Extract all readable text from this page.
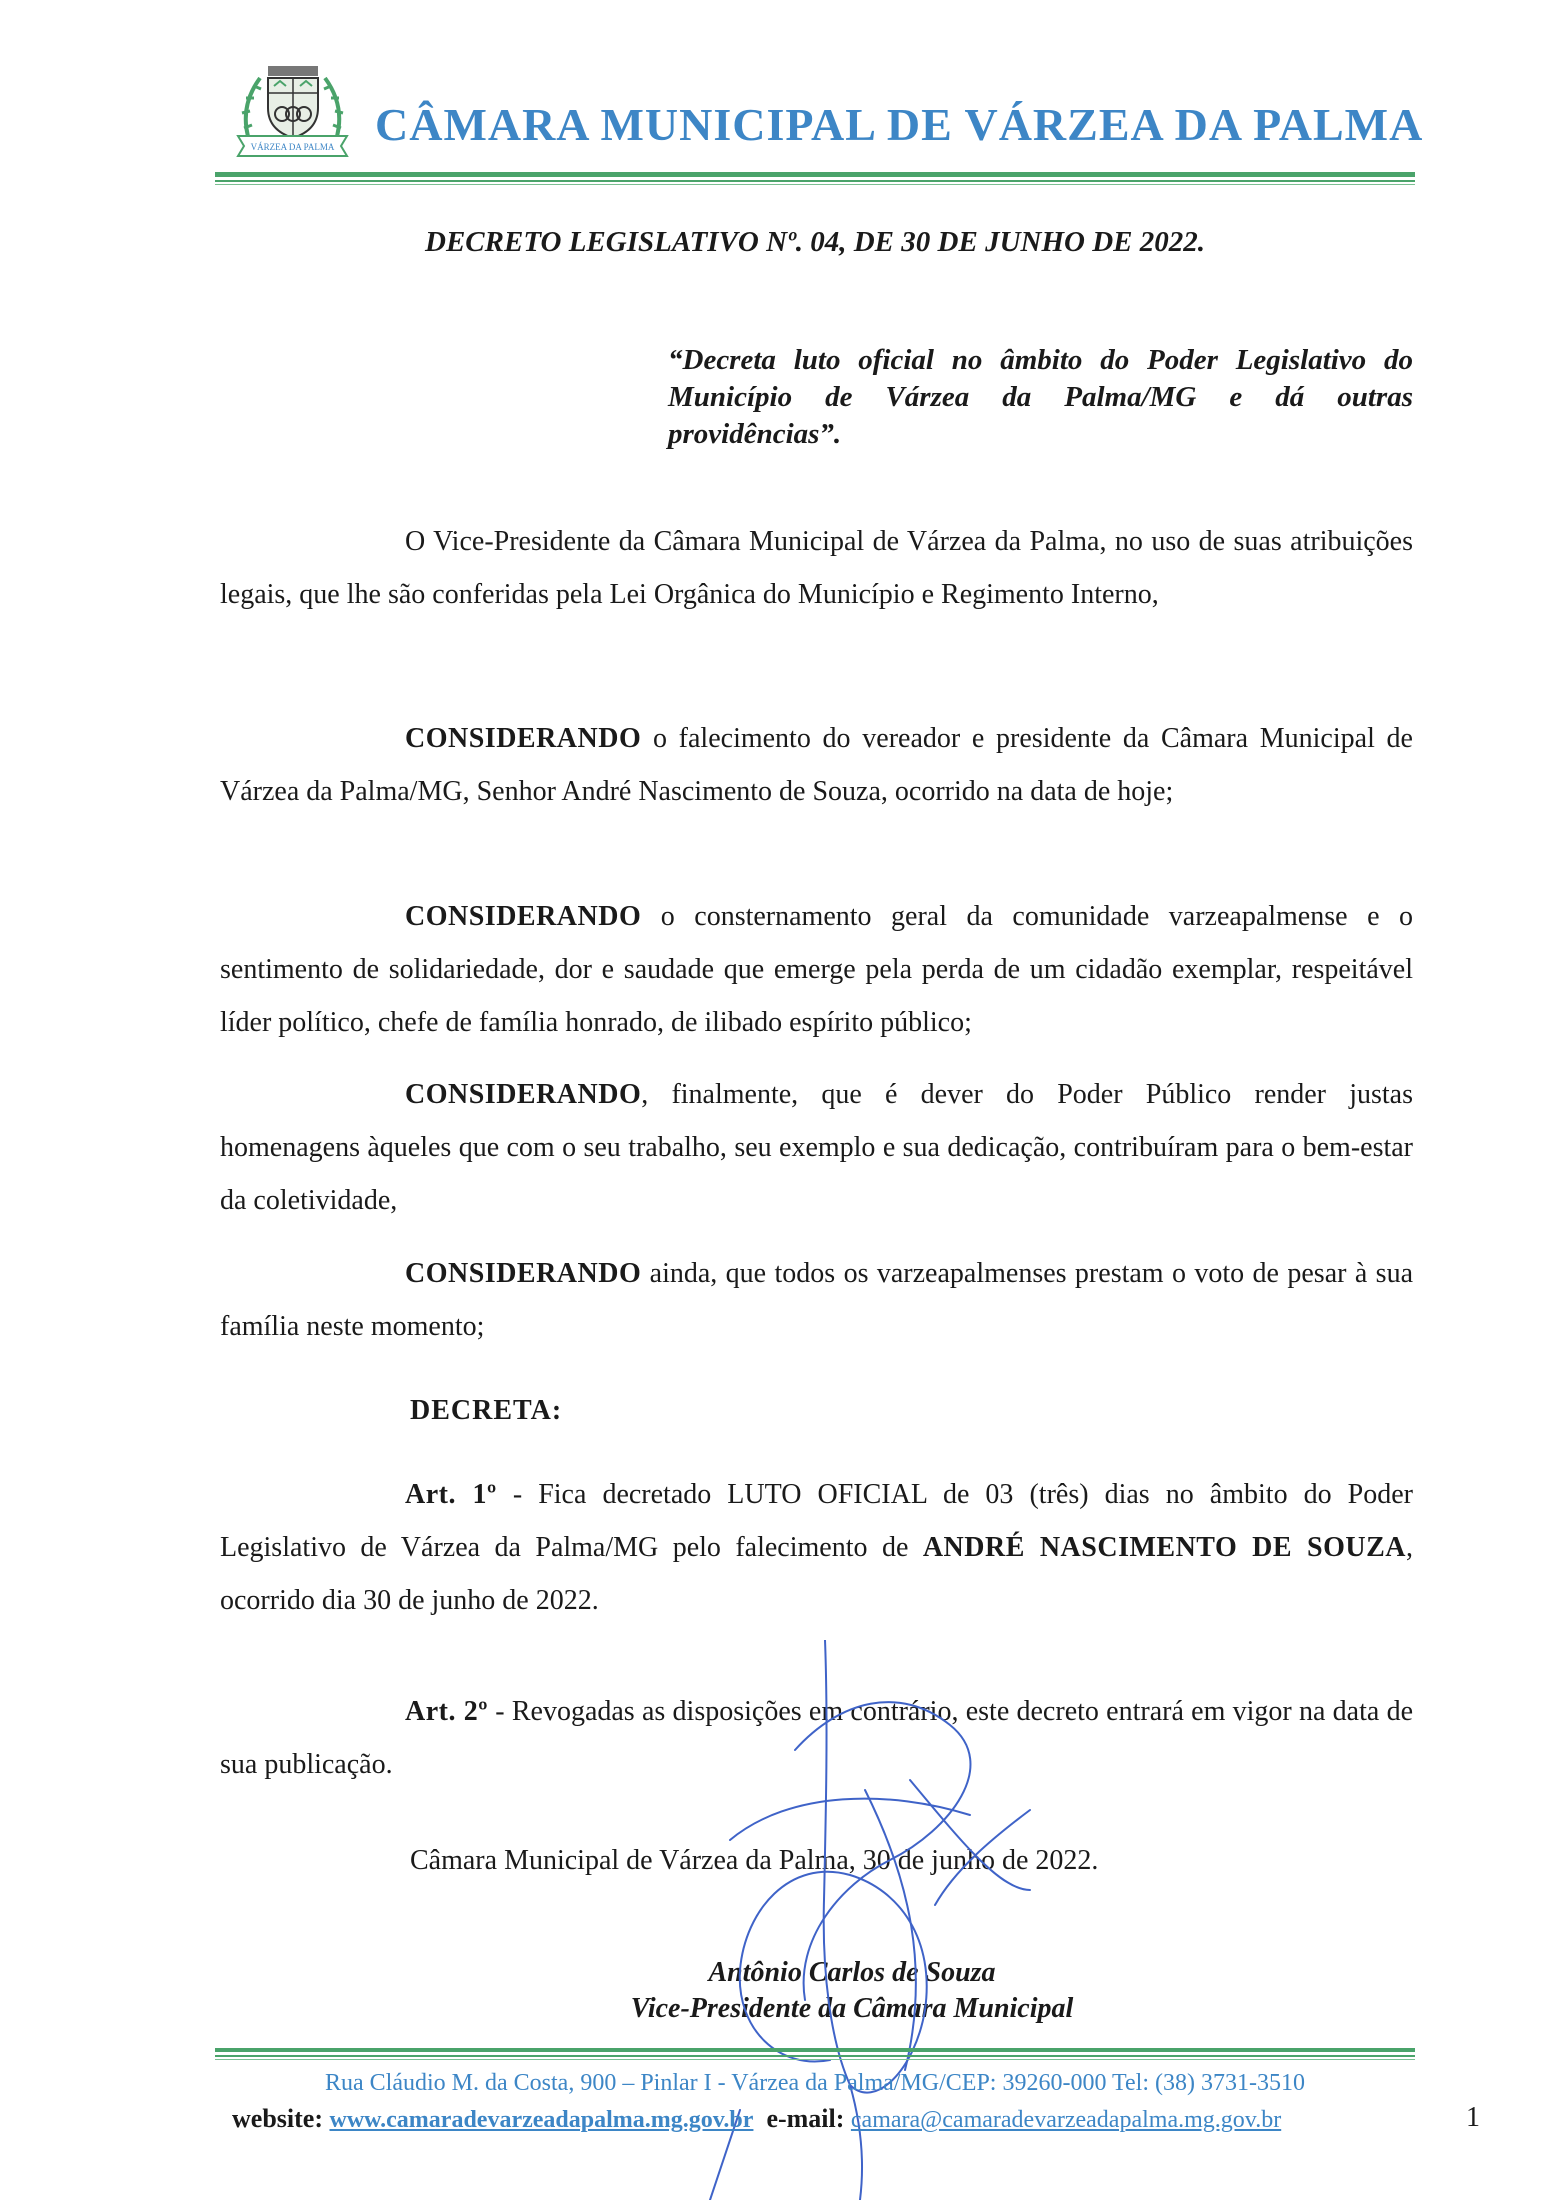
VÁRZEA DA PALMA CÂMARA MUNICIPAL DE VÁRZEA DA PALMA
DECRETO LEGISLATIVO Nº. 04, DE 30 DE JUNHO DE 2022.
“Decreta luto oficial no âmbito do Poder Legislativo do Município de Várzea da Palma/MG e dá outras providências”.

O Vice-Presidente da Câmara Municipal de Várzea da Palma, no uso de suas atribuições legais, que lhe são conferidas pela Lei Orgânica do Município e Regimento Interno,

CONSIDERANDO o falecimento do vereador e presidente da Câmara Municipal de Várzea da Palma/MG, Senhor André Nascimento de Souza, ocorrido na data de hoje;

CONSIDERANDO o consternamento geral da comunidade varzeapalmense e o sentimento de solidariedade, dor e saudade que emerge pela perda de um cidadão exemplar, respeitável líder político, chefe de família honrado, de ilibado espírito público;

CONSIDERANDO, finalmente, que é dever do Poder Público render justas homenagens àqueles que com o seu trabalho, seu exemplo e sua dedicação, contribuíram para o bem-estar da coletividade,

CONSIDERANDO ainda, que todos os varzeapalmenses prestam o voto de pesar à sua família neste momento;

DECRETA:

Art. 1º - Fica decretado LUTO OFICIAL de 03 (três) dias no âmbito do Poder Legislativo de Várzea da Palma/MG pelo falecimento de ANDRÉ NASCIMENTO DE SOUZA, ocorrido dia 30 de junho de 2022.

Art. 2º - Revogadas as disposições em contrário, este decreto entrará em vigor na data de sua publicação.

Câmara Municipal de Várzea da Palma, 30 de junho de 2022.
Antônio Carlos de Souza
Vice-Presidente da Câmara Municipal
Rua Cláudio M. da Costa, 900 – Pinlar I - Várzea da Palma/MG/CEP: 39260-000 Tel: (38) 3731-3510
website: www.camaradevarzeadapalma.mg.gov.br e-mail: camara@camaradevarzeadapalma.mg.gov.br	1
